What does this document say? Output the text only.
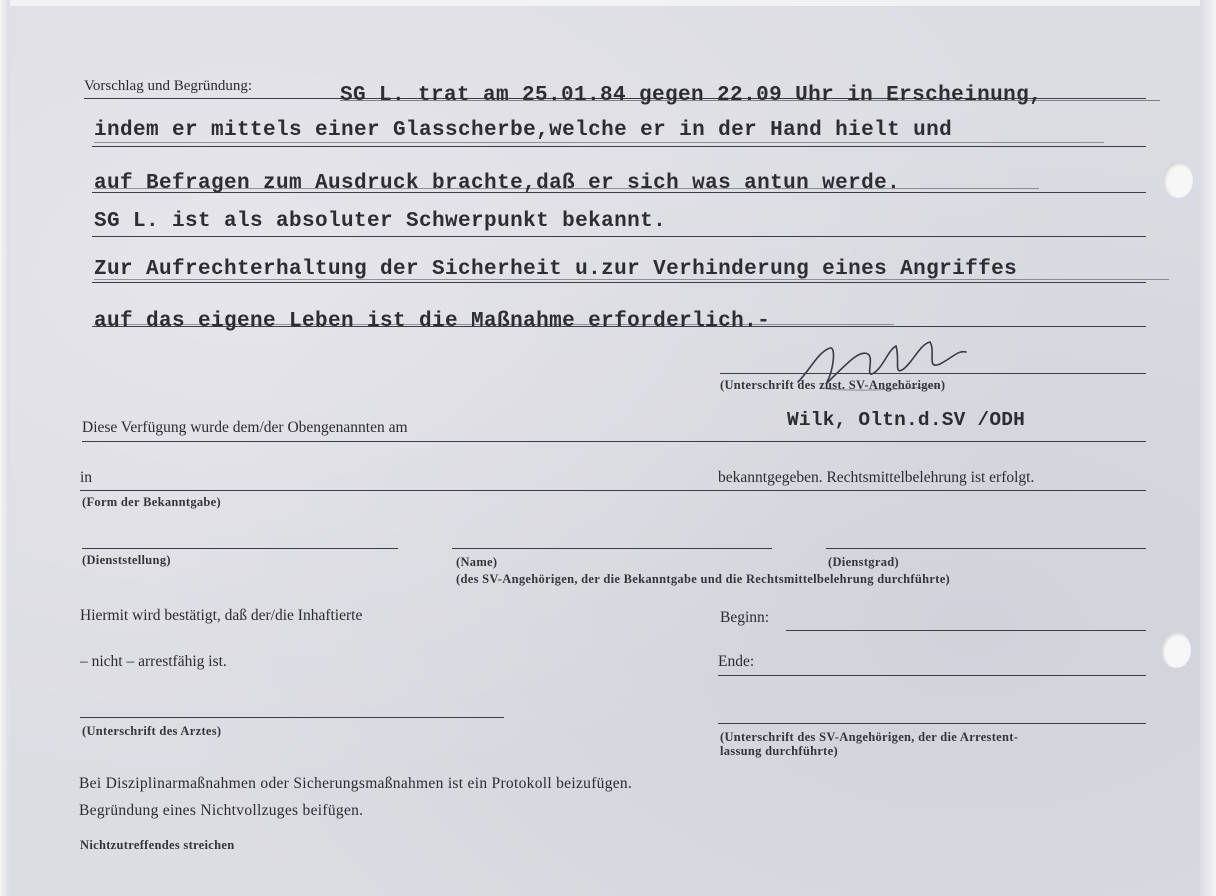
Vorschlag und Begründung:	SG L. trat am 25.01.84 gegen 22.09 Uhr in Erscheinung,
indem er mittels einer Glasscherbe,welche er in der Hand hielt und
auf Befragen zum Ausdruck brachte,daß er sich was antun werde.
SG L. ist als absoluter Schwerpunkt bekannt.
Zur Aufrechterhaltung der Sicherheit u.zur Verhinderung eines Angriffes
auf das eigene Leben ist die Maßnahme erforderlich.-
(Unterschrift des zust. SV-Angehörigen)
Wilk, Oltn.d.SV /ODH
Diese Verfügung wurde dem/der Obengenannten am
in	bekanntgegeben. Rechtsmittelbelehrung ist erfolgt.
(Form der Bekanntgabe)
(Dienststellung)	(Name)	(Dienstgrad)
(des SV-Angehörigen, der die Bekanntgabe und die Rechtsmittelbelehrung durchführte)
Hiermit wird bestätigt, daß der/die Inhaftierte	Beginn:
– nicht – arrestfähig ist.	Ende:
(Unterschrift des Arztes)	(Unterschrift des SV-Angehörigen, der die Arrestent-
lassung durchführte)
Bei Disziplinarmaßnahmen oder Sicherungsmaßnahmen ist ein Protokoll beizufügen.
Begründung eines Nichtvollzuges beifügen.
Nichtzutreffendes streichen
